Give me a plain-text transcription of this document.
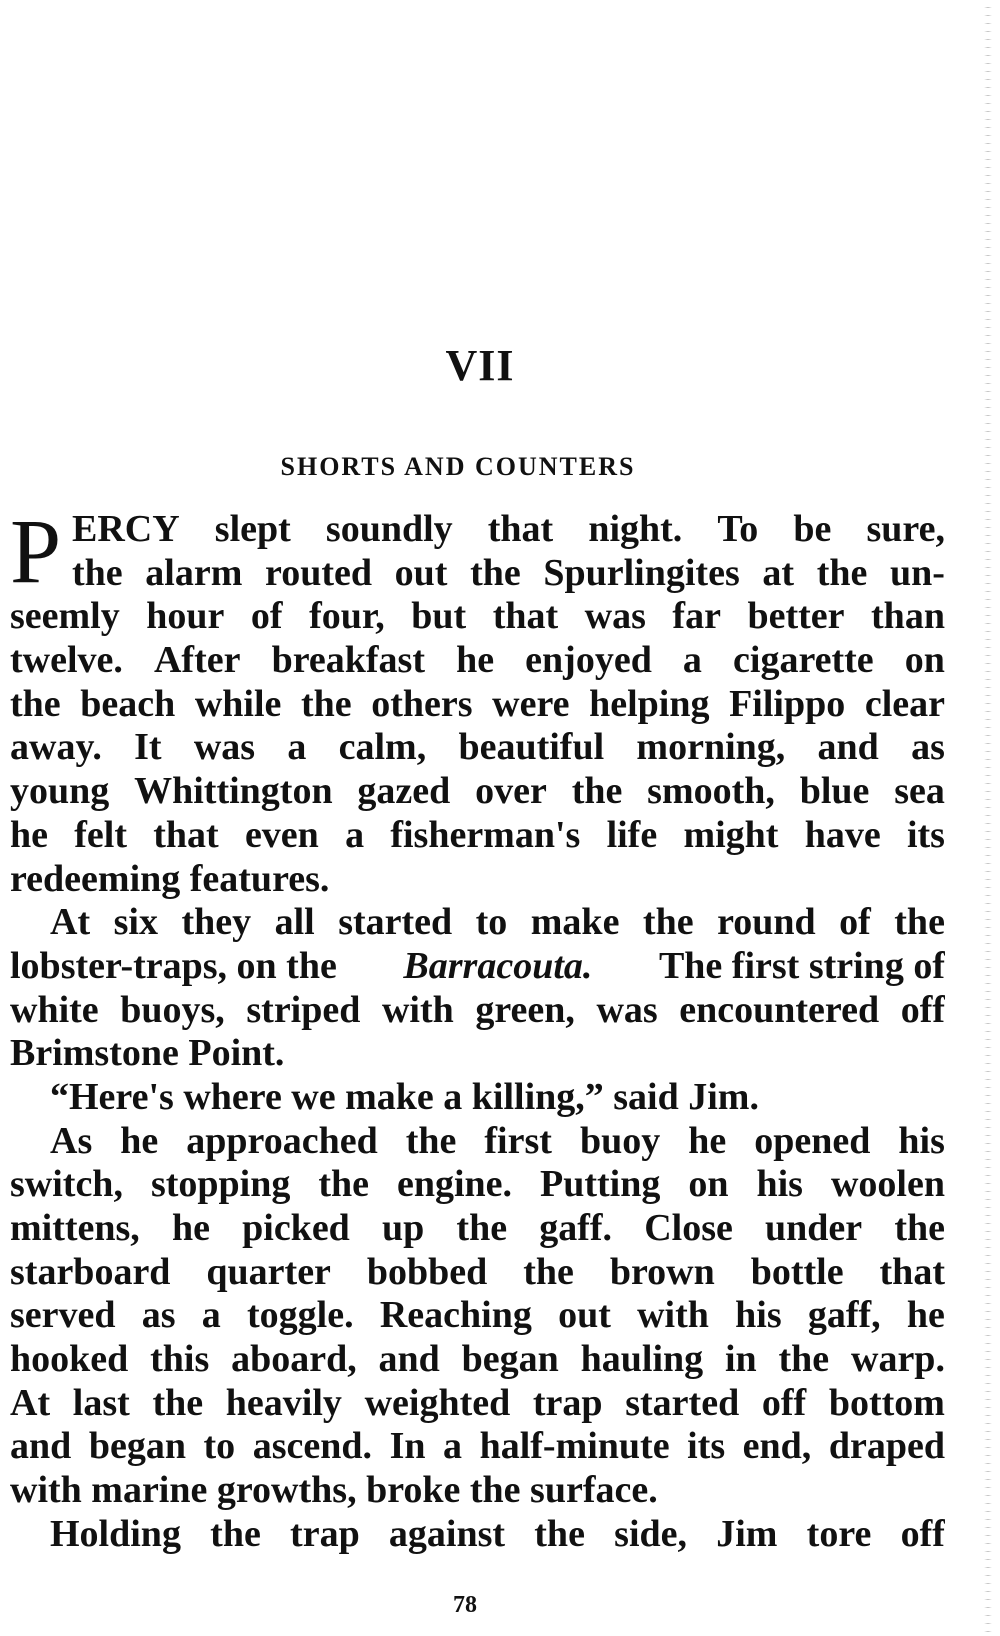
VII
SHORTS AND COUNTERS
P ERCY slept soundly that night. To be sure,
the alarm routed out the Spurlingites at the un-
seemly hour of four, but that was far better than
twelve. After breakfast he enjoyed a cigarette on
the beach while the others were helping Filippo clear
away. It was a calm, beautiful morning, and as
young Whittington gazed over the smooth, blue sea
he felt that even a fisherman's life might have its
redeeming features.
At six they all started to make the round of the
lobster-traps, on the Barracouta. The first string of
white buoys, striped with green, was encountered off
Brimstone Point.
“Here's where we make a killing,” said Jim.
As he approached the first buoy he opened his
switch, stopping the engine. Putting on his woolen
mittens, he picked up the gaff. Close under the
starboard quarter bobbed the brown bottle that
served as a toggle. Reaching out with his gaff, he
hooked this aboard, and began hauling in the warp.
At last the heavily weighted trap started off bottom
and began to ascend. In a half-minute its end, draped
with marine growths, broke the surface.
Holding the trap against the side, Jim tore off
78
